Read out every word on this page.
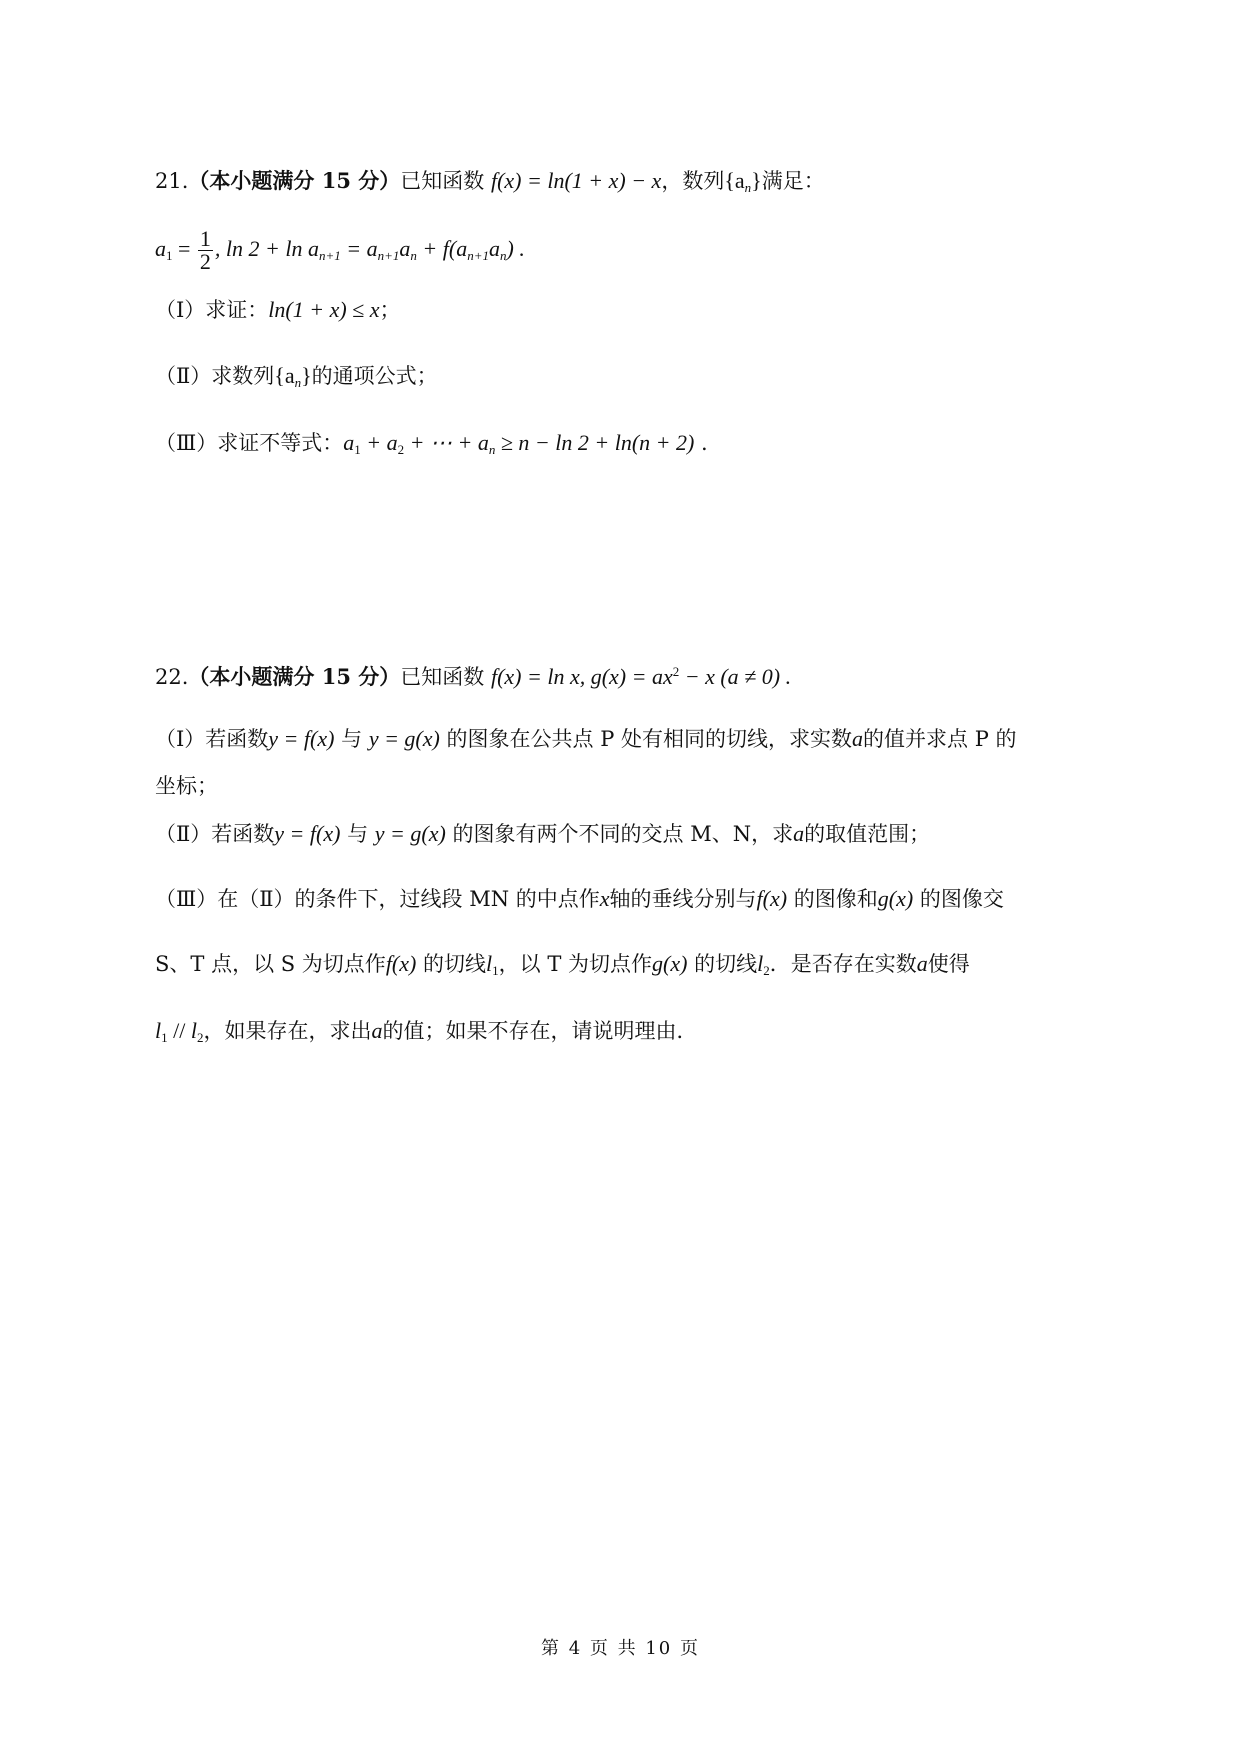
21.（本小题满分 15 分）已知函数 f(x) = ln(1 + x) − x，数列$\{a_n\}$满足：
$a_1 = \frac{1}{2}$ , $\ln 2 + \ln a_{n+1} = a_{n+1}a_n + f(a_{n+1}a_n)$ .
（Ⅰ）求证：ln(1 + x) ≤ x；
（Ⅱ）求数列$\{a_n\}$的通项公式；
（Ⅲ）求证不等式：$a_1 + a_2$ + ⋯ + $a_n \ge n - \ln 2 + \ln(n + 2)$ .
22.（本小题满分 15 分）已知函数 f(x) = ln x, $g(x) = ax^2 - x$ (a ≠ 0) .
（Ⅰ）若函数y = f(x) 与 y = g(x) 的图象在公共点 P 处有相同的切线，求实数a的值并求点 P 的
坐标；
（Ⅱ）若函数y = f(x) 与 y = g(x) 的图象有两个不同的交点 M、N，求a的取值范围；
（Ⅲ）在（Ⅱ）的条件下，过线段 MN 的中点作x轴的垂线分别与f(x) 的图像和g(x) 的图像交
S、T 点，以 S 为切点作f(x) 的切线$l_1$，以 T 为切点作g(x) 的切线$l_2$．是否存在实数a使得
$l_1 // l_2$，如果存在，求出a的值；如果不存在，请说明理由．
第 4 页 共 10 页
